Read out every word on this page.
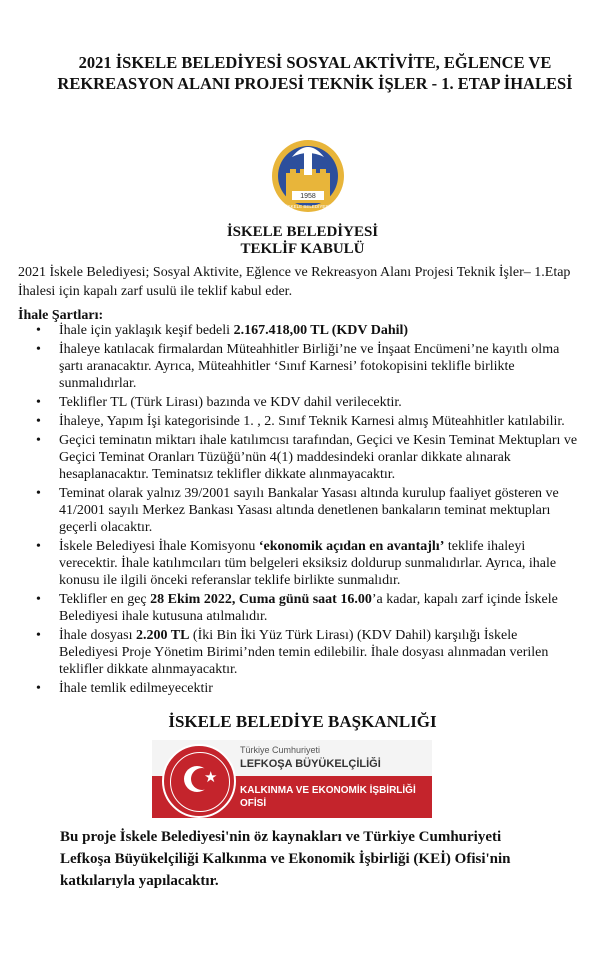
2021 İSKELE BELEDİYESİ SOSYAL AKTİVİTE, EĞLENCE VE REKREASYON ALANI PROJESİ TEKNİK İŞLER - 1. ETAP İHALESİ
1958
İSKELE BELEDİYESİ
İSKELE BELEDİYESİ
TEKLİF KABULÜ
2021 İskele Belediyesi; Sosyal Aktivite, Eğlence ve Rekreasyon Alanı Projesi Teknik İşler– 1.Etap İhalesi için kapalı zarf usulü ile teklif kabul eder.
İhale Şartları:
• İhale için yaklaşık keşif bedeli 2.167.418,00 TL (KDV Dahil)
• İhaleye katılacak firmalardan Müteahhitler Birliği’ne ve İnşaat Encümeni’ne kayıtlı olma şartı aranacaktır. Ayrıca, Müteahhitler ‘Sınıf Karnesi’ fotokopisini teklifle birlikte sunmalıdırlar.
• Teklifler TL (Türk Lirası) bazında ve KDV dahil verilecektir.
• İhaleye, Yapım İşi kategorisinde 1. , 2. Sınıf Teknik Karnesi almış Müteahhitler katılabilir.
• Geçici teminatın miktarı ihale katılımcısı tarafından, Geçici ve Kesin Teminat Mektupları ve Geçici Teminat Oranları Tüzüğü’nün 4(1) maddesindeki oranlar dikkate alınarak hesaplanacaktır. Teminatsız teklifler dikkate alınmayacaktır.
• Teminat olarak yalnız 39/2001 sayılı Bankalar Yasası altında kurulup faaliyet gösteren ve 41/2001 sayılı Merkez Bankası Yasası altında denetlenen bankaların teminat mektupları geçerli olacaktır.
• İskele Belediyesi İhale Komisyonu ‘ekonomik açıdan en avantajlı’ teklife ihaleyi verecektir. İhale katılımcıları tüm belgeleri eksiksiz doldurup sunmalıdırlar. Ayrıca, ihale konusu ile ilgili önceki referanslar teklife birlikte sunmalıdır.
• Teklifler en geç 28 Ekim 2022, Cuma günü saat 16.00’a kadar, kapalı zarf içinde İskele Belediyesi ihale kutusuna atılmalıdır.
• İhale dosyası 2.200 TL (İki Bin İki Yüz Türk Lirası) (KDV Dahil) karşılığı İskele Belediyesi Proje Yönetim Birimi’nden temin edilebilir. İhale dosyası alınmadan verilen teklifler dikkate alınmayacaktır.
• İhale temlik edilmeyecektir
İSKELE BELEDİYE BAŞKANLIĞI
★
Türkiye Cumhuriyeti
LEFKOŞA BÜYÜKELÇİLİĞİ
KALKINMA VE EKONOMİK İŞBİRLİĞİ
OFİSİ
Bu proje İskele Belediyesi'nin öz kaynakları ve Türkiye Cumhuriyeti Lefkoşa Büyükelçiliği Kalkınma ve Ekonomik İşbirliği (KEİ) Ofisi'nin katkılarıyla yapılacaktır.
